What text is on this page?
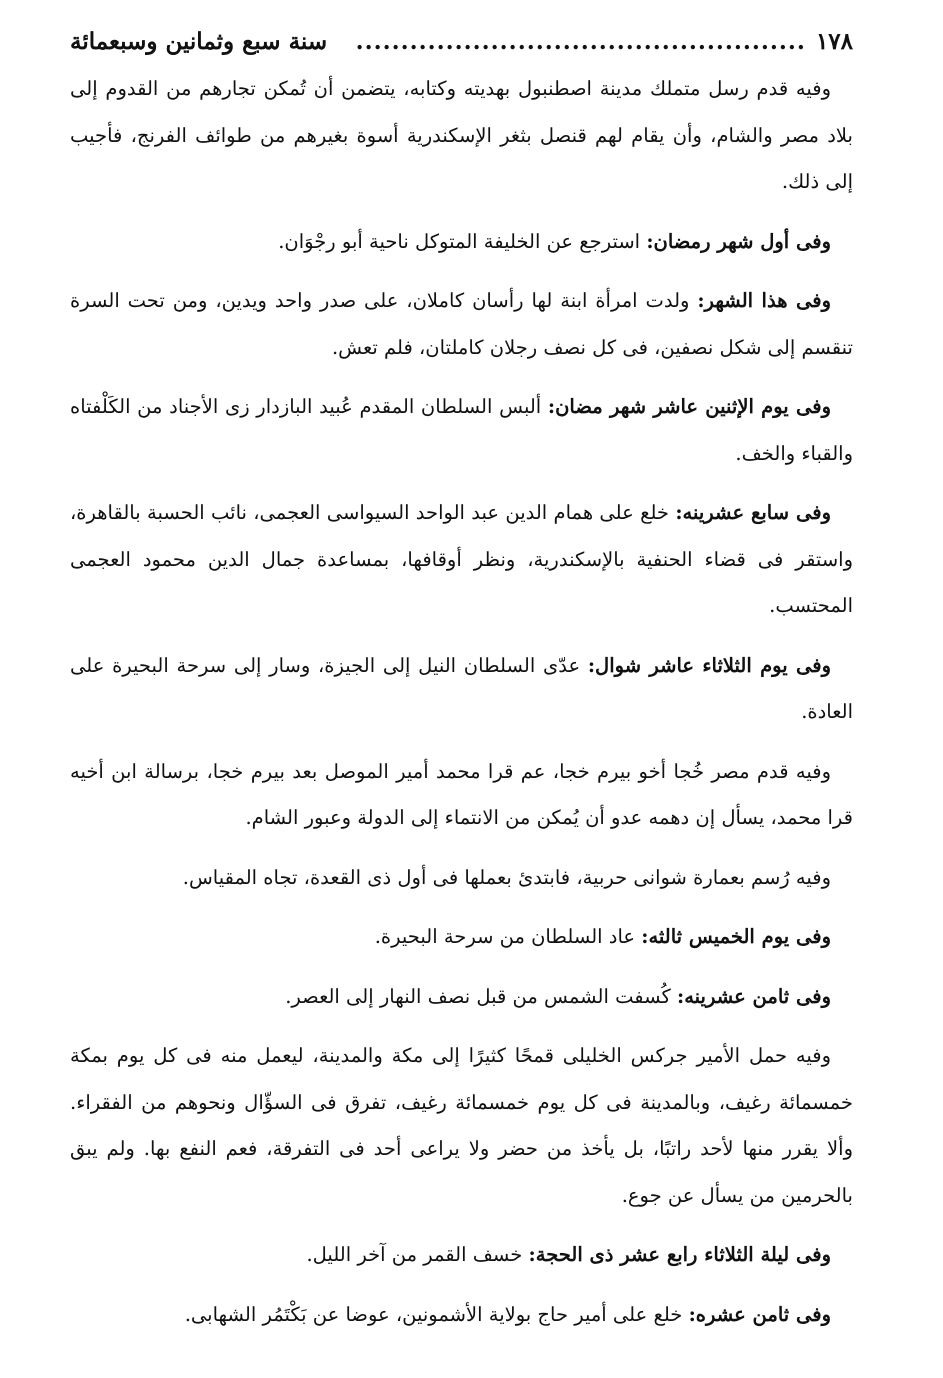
١٧٨
..................................................
سنة سبع وثمانين وسبعمائة

وفيه قدم رسل متملك مدينة اصطنبول بهديته وكتابه، يتضمن أن تُمكن تجارهم من القدوم إلى بلاد مصر والشام، وأن يقام لهم قنصل بثغر الإسكندرية أسوة بغيرهم من طوائف الفرنج، فأجيب إلى ذلك.

وفى أول شهر رمضان: استرجع عن الخليفة المتوكل ناحية أبو رجْوَان.

وفى هذا الشهر: ولدت امرأة ابنة لها رأسان كاملان، على صدر واحد ويدين، ومن تحت السرة تنقسم إلى شكل نصفين، فى كل نصف رجلان كاملتان، فلم تعش.

وفى يوم الإثنين عاشر شهر مضان: ألبس السلطان المقدم عُبيد البازدار زى الأجناد من الكَلْفتاه والقباء والخف.

وفى سابع عشرينه: خلع على همام الدين عبد الواحد السيواسى العجمى، نائب الحسبة بالقاهرة، واستقر فى قضاء الحنفية بالإسكندرية، ونظر أوقافها، بمساعدة جمال الدين محمود العجمى المحتسب.

وفى يوم الثلاثاء عاشر شوال: عدّى السلطان النيل إلى الجيزة، وسار إلى سرحة البحيرة على العادة.

وفيه قدم مصر خُجا أخو بيرم خجا، عم قرا محمد أمير الموصل بعد بيرم خجا، برسالة ابن أخيه قرا محمد، يسأل إن دهمه عدو أن يُمكن من الانتماء إلى الدولة وعبور الشام.

وفيه رُسم بعمارة شوانى حربية، فابتدئ بعملها فى أول ذى القعدة، تجاه المقياس.

وفى يوم الخميس ثالثه: عاد السلطان من سرحة البحيرة.

وفى ثامن عشرينه: كُسفت الشمس من قبل نصف النهار إلى العصر.

وفيه حمل الأمير جركس الخليلى قمحًا كثيرًا إلى مكة والمدينة، ليعمل منه فى كل يوم بمكة خمسمائة رغيف، وبالمدينة فى كل يوم خمسمائة رغيف، تفرق فى السؤّال ونحوهم من الفقراء. وألا يقرر منها لأحد راتبًا، بل يأخذ من حضر ولا يراعى أحد فى التفرقة، فعم النفع بها. ولم يبق بالحرمين من يسأل عن جوع.

وفى ليلة الثلاثاء رابع عشر ذى الحجة: خسف القمر من آخر الليل.

وفى ثامن عشره: خلع على أمير حاج بولاية الأشمونين، عوضا عن بَكْتَمُر الشهابى.
